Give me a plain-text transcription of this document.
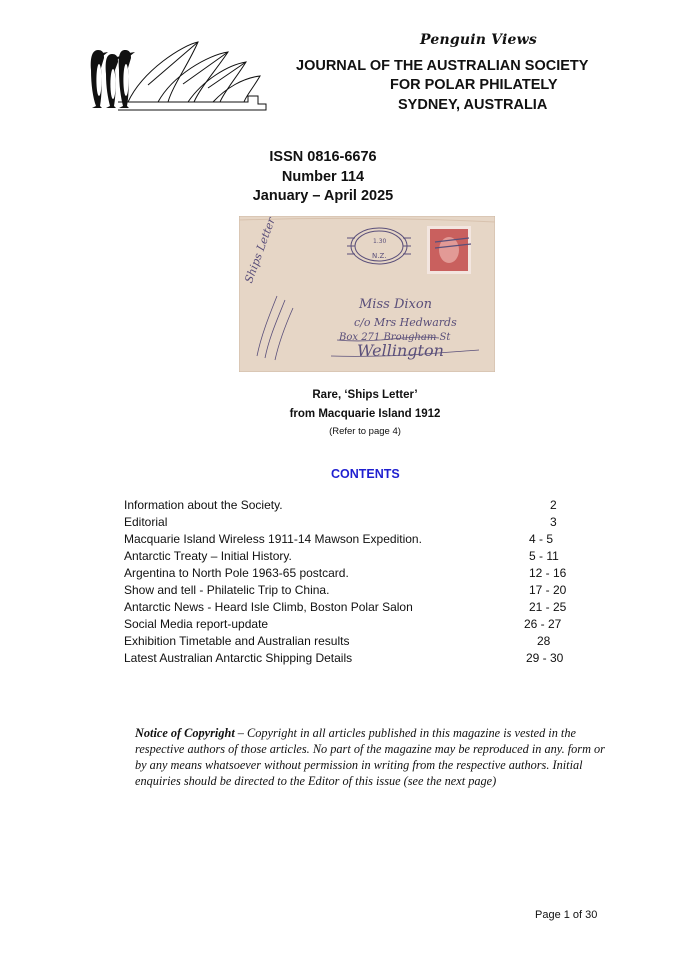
Penguin Views
JOURNAL OF THE AUSTRALIAN SOCIETY
FOR POLAR PHILATELY
SYDNEY, AUSTRALIA
ISSN 0816-6676
Number 114
January – April 2025
1.30
N.Z.
Ships Letter
Miss Dixon
c/o Mrs Hedwards
Box 271 Brougham St
Wellington
Rare, ‘Ships Letter’
from Macquarie Island 1912
(Refer to page 4)
CONTENTS
Information about the Society.	2
Editorial	3
Macquarie Island Wireless 1911-14 Mawson Expedition.	4 - 5
Antarctic Treaty – Initial History.	5 - 11
Argentina to North Pole 1963-65 postcard.	12 - 16
Show and tell - Philatelic Trip to China.	17 - 20
Antarctic News - Heard Isle Climb, Boston Polar Salon	21 - 25
Social Media report-update	26 - 27
Exhibition Timetable and Australian results	28
Latest Australian Antarctic Shipping Details	29 - 30
Notice of Copyright – Copyright in all articles published in this magazine is vested in the respective authors of those articles. No part of the magazine may be reproduced in any. form or by any means whatsoever without permission in writing from the respective authors. Initial enquiries should be directed to the Editor of this issue (see the next page)
Page 1 of 30
